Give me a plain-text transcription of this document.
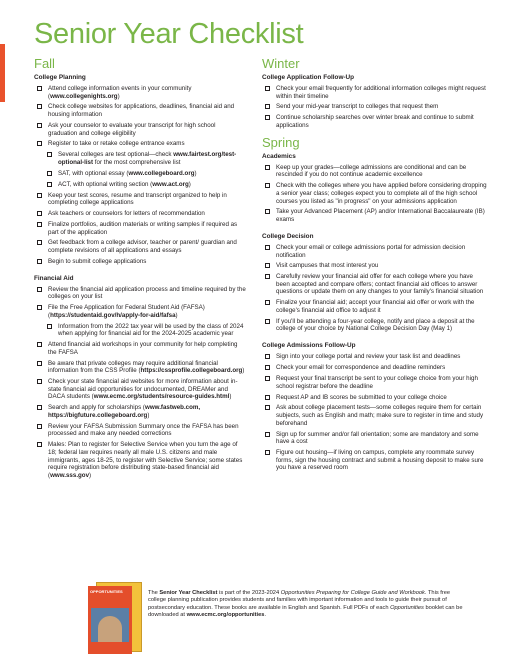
Senior Year Checklist
Fall
College Planning
Attend college information events in your community (www.collegenights.org)
Check college websites for applications, deadlines, financial aid and housing information
Ask your counselor to evaluate your transcript for high school graduation and college eligibility
Register to take or retake college entrance exams
Several colleges are test optional—check www.fairtest.org/test-optional-list for the most comprehensive list
SAT, with optional essay (www.collegeboard.org)
ACT, with optional writing section (www.act.org)
Keep your test scores, resume and transcript organized to help in completing college applications
Ask teachers or counselors for letters of recommendation
Finalize portfolios, audition materials or writing samples if required as part of the application
Get feedback from a college advisor, teacher or parent/ guardian and complete revisions of all applications and essays
Begin to submit college applications
Financial Aid
Review the financial aid application process and timeline required by the colleges on your list
File the Free Application for Federal Student Aid (FAFSA) (https://studentaid.gov/h/apply-for-aid/fafsa)
Information from the 2022 tax year will be used by the class of 2024 when applying for financial aid for the 2024-2025 academic year
Attend financial aid workshops in your community for help completing the FAFSA
Be aware that private colleges may require additional financial information from the CSS Profile (https://cssprofile.collegeboard.org)
Check your state financial aid websites for more information about in-state financial aid opportunities for undocumented, DREAMer and DACA students (www.ecmc.org/students/resource-guides.html)
Search and apply for scholarships (www.fastweb.com, https://bigfuture.collegeboard.org)
Review your FAFSA Submission Summary once the FAFSA has been processed and make any needed corrections
Males: Plan to register for Selective Service when you turn the age of 18; federal law requires nearly all male U.S. citizens and male immigrants, ages 18-25, to register with Selective Service; some states require registration before distributing state-based financial aid (www.sss.gov)
Winter
College Application Follow-Up
Check your email frequently for additional information colleges might request within their timeline
Send your mid-year transcript to colleges that request them
Continue scholarship searches over winter break and continue to submit applications
Spring
Academics
Keep up your grades—college admissions are conditional and can be rescinded if you do not continue academic excellence
Check with the colleges where you have applied before considering dropping a senior year class; colleges expect you to complete all of the high school courses you listed as "in progress" on your admissions application
Take your Advanced Placement (AP) and/or International Baccalaureate (IB) exams
College Decision
Check your email or college admissions portal for admission decision notification
Visit campuses that most interest you
Carefully review your financial aid offer for each college where you have been accepted and compare offers; contact financial aid offices to answer questions or update them on any changes to your family's financial situation
Finalize your financial aid; accept your financial aid offer or work with the college's financial aid office to adjust it
If you'll be attending a four-year college, notify and place a deposit at the college of your choice by National College Decision Day (May 1)
College Admissions Follow-Up
Sign into your college portal and review your task list and deadlines
Check your email for correspondence and deadline reminders
Request your final transcript be sent to your college choice from your high school registrar before the deadline
Request AP and IB scores be submitted to your college choice
Ask about college placement tests—some colleges require them for certain subjects, such as English and math; make sure to register in time and study beforehand
Sign up for summer and/or fall orientation; some are mandatory and some have a cost
Figure out housing—if living on campus, complete any roommate survey forms, sign the housing contract and submit a housing deposit to make sure you have a reserved room
OPPORTUNITIES	The Senior Year Checklist is part of the 2023-2024 Opportunities Preparing for College Guide and Workbook. This free college planning publication provides students and families with important information and tools to guide their pursuit of postsecondary education. These books are available in English and Spanish. Full PDFs of each Opportunities booklet can be downloaded at www.ecmc.org/opportunities.
